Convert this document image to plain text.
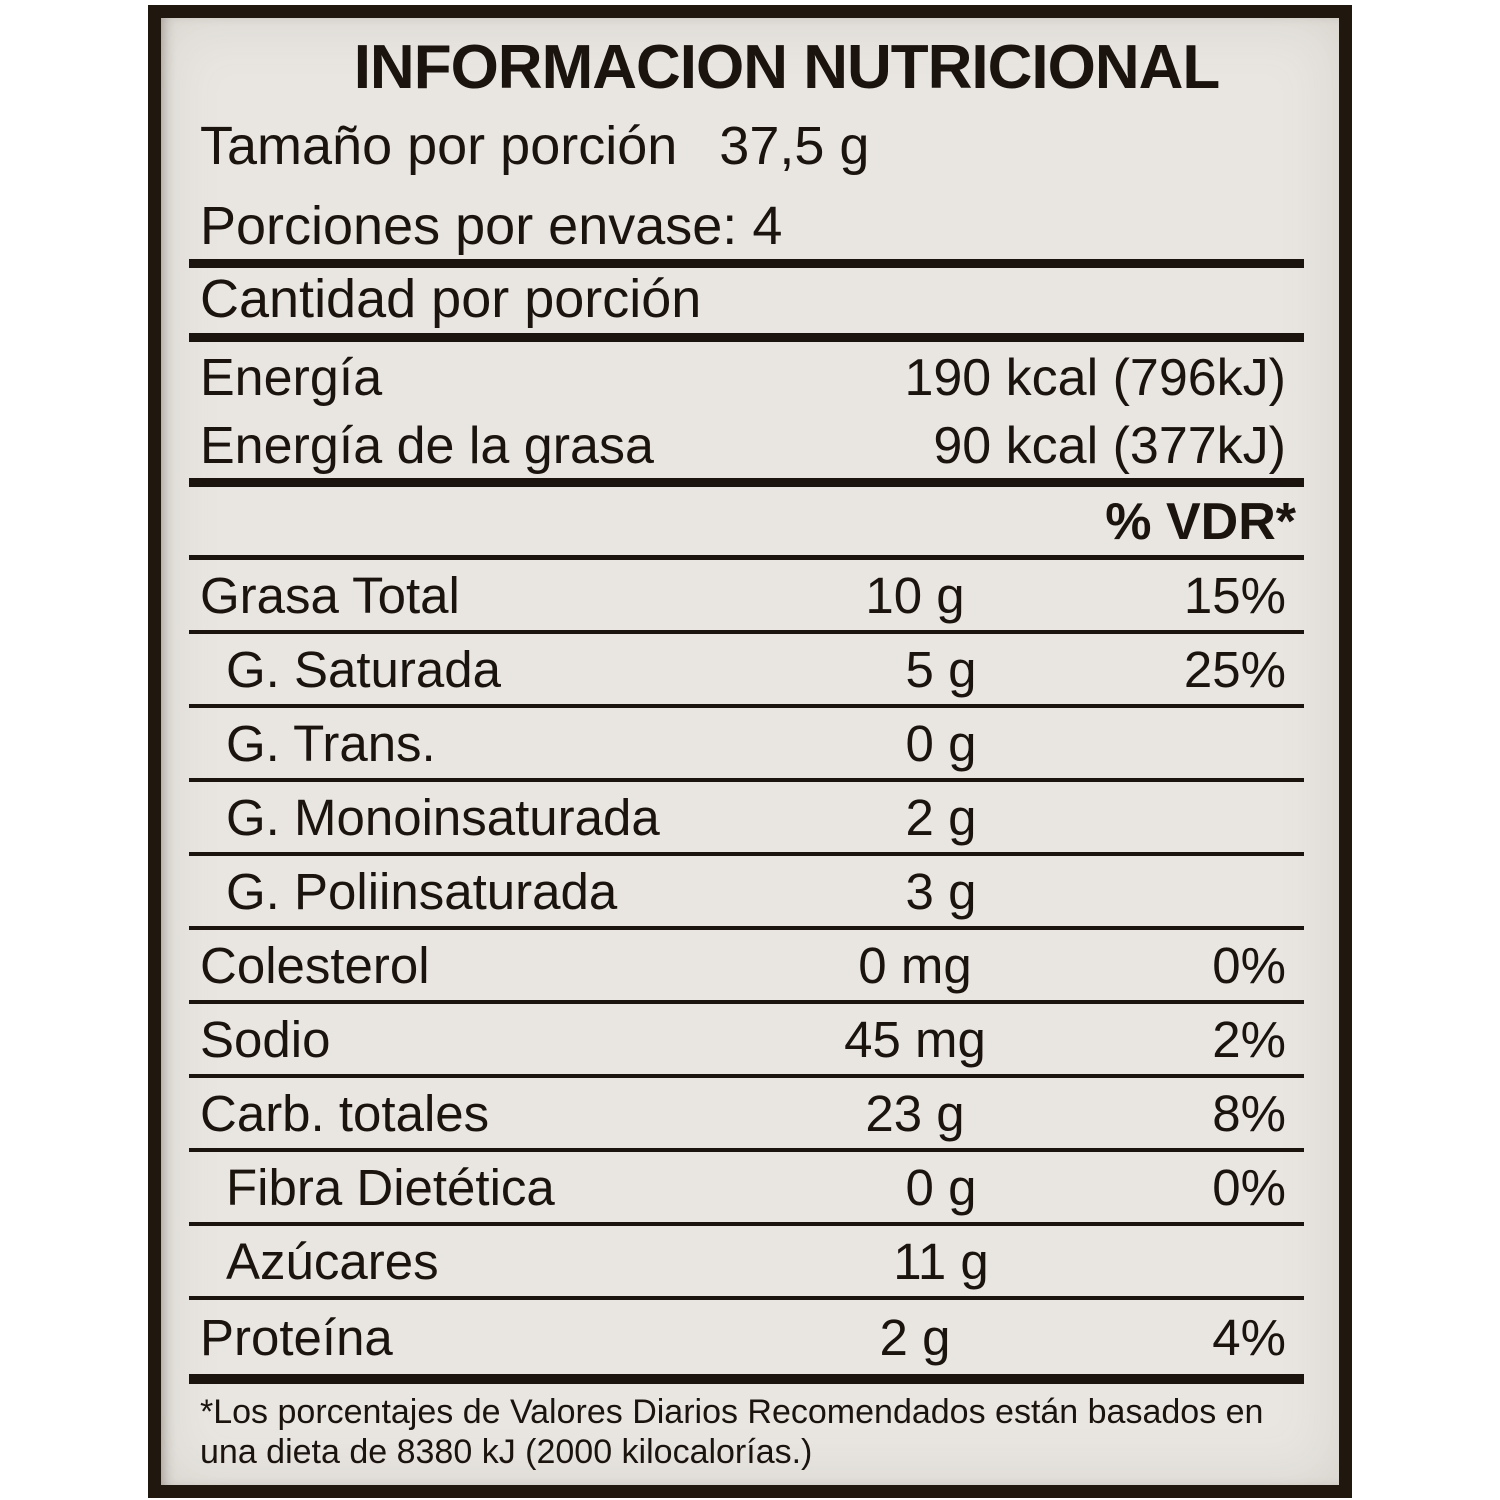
INFORMACION NUTRICIONAL
Tamaño por porción 37,5 g
Porciones por envase: 4
Cantidad por porción
Energía	190 kcal (796kJ)
Energía de la grasa	90 kcal (377kJ)
% VDR*
Grasa Total	10 g	15%
G. Saturada	5 g	25%
G. Trans.	0 g
G. Monoinsaturada	2 g
G. Poliinsaturada	3 g
Colesterol	0 mg	0%
Sodio	45 mg	2%
Carb. totales	23 g	8%
Fibra Dietética	0 g	0%
Azúcares	11 g
Proteína	2 g	4%
*Los porcentajes de Valores Diarios Recomendados están basados en
una dieta de 8380 kJ (2000 kilocalorías.)
